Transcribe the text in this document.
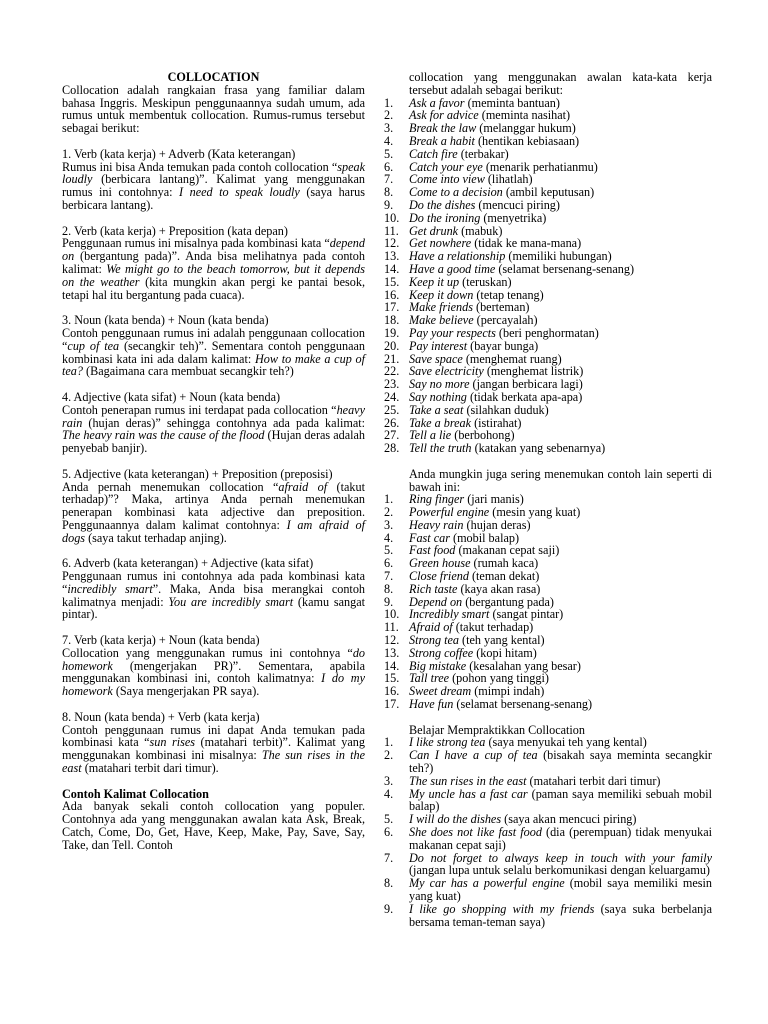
COLLOCATION

Collocation adalah rangkaian frasa yang familiar dalam bahasa Inggris. Meskipun penggunaannya sudah umum, ada rumus untuk membentuk collocation. Rumus-rumus tersebut sebagai berikut:

1. Verb (kata kerja) + Adverb (Kata keterangan)

Rumus ini bisa Anda temukan pada contoh collocation “speak loudly (berbicara lantang)”. Kalimat yang menggunakan rumus ini contohnya: I need to speak loudly (saya harus berbicara lantang).

2. Verb (kata kerja) + Preposition (kata depan)

Penggunaan rumus ini misalnya pada kombinasi kata “depend on (bergantung pada)”. Anda bisa melihatnya pada contoh kalimat: We might go to the beach tomorrow, but it depends on the weather (kita mungkin akan pergi ke pantai besok, tetapi hal itu bergantung pada cuaca).

3. Noun (kata benda) + Noun (kata benda)

Contoh penggunaan rumus ini adalah penggunaan collocation “cup of tea (secangkir teh)”. Sementara contoh penggunaan kombinasi kata ini ada dalam kalimat: How to make a cup of tea? (Bagaimana cara membuat secangkir teh?)

4. Adjective (kata sifat) + Noun (kata benda)

Contoh penerapan rumus ini terdapat pada collocation “heavy rain (hujan deras)” sehingga contohnya ada pada kalimat: The heavy rain was the cause of the flood (Hujan deras adalah penyebab banjir).

5. Adjective (kata keterangan) + Preposition (preposisi)

Anda pernah menemukan collocation “afraid of (takut terhadap)”? Maka, artinya Anda pernah menemukan penerapan kombinasi kata adjective dan preposition. Penggunaannya dalam kalimat contohnya: I am afraid of dogs (saya takut terhadap anjing).

6. Adverb (kata keterangan) + Adjective (kata sifat)

Penggunaan rumus ini contohnya ada pada kombinasi kata “incredibly smart”. Maka, Anda bisa merangkai contoh kalimatnya menjadi: You are incredibly smart (kamu sangat pintar).

7. Verb (kata kerja) + Noun (kata benda)

Collocation yang menggunakan rumus ini contohnya “do homework (mengerjakan PR)”. Sementara, apabila menggunakan kombinasi ini, contoh kalimatnya: I do my homework (Saya mengerjakan PR saya).

8. Noun (kata benda) + Verb (kata kerja)

Contoh penggunaan rumus ini dapat Anda temukan pada kombinasi kata “sun rises (matahari terbit)”. Kalimat yang menggunakan kombinasi ini misalnya: The sun rises in the east (matahari terbit dari timur).

Contoh Kalimat Collocation

Ada banyak sekali contoh collocation yang populer. Contohnya ada yang menggunakan awalan kata Ask, Break, Catch, Come, Do, Get, Have, Keep, Make, Pay, Save, Say, Take, dan Tell. Contoh

collocation yang menggunakan awalan kata-kata kerja tersebut adalah sebagai berikut:

1. Ask a favor (meminta bantuan)
2. Ask for advice (meminta nasihat)
3. Break the law (melanggar hukum)
4. Break a habit (hentikan kebiasaan)
5. Catch fire (terbakar)
6. Catch your eye (menarik perhatianmu)
7. Come into view (lihatlah)
8. Come to a decision (ambil keputusan)
9. Do the dishes (mencuci piring)
10. Do the ironing (menyetrika)
11. Get drunk (mabuk)
12. Get nowhere (tidak ke mana-mana)
13. Have a relationship (memiliki hubungan)
14. Have a good time (selamat bersenang-senang)
15. Keep it up (teruskan)
16. Keep it down (tetap tenang)
17. Make friends (berteman)
18. Make believe (percayalah)
19. Pay your respects (beri penghormatan)
20. Pay interest (bayar bunga)
21. Save space (menghemat ruang)
22. Save electricity (menghemat listrik)
23. Say no more (jangan berbicara lagi)
24. Say nothing (tidak berkata apa-apa)
25. Take a seat (silahkan duduk)
26. Take a break (istirahat)
27. Tell a lie (berbohong)
28. Tell the truth (katakan yang sebenarnya)

Anda mungkin juga sering menemukan contoh lain seperti di bawah ini:

1. Ring finger (jari manis)
2. Powerful engine (mesin yang kuat)
3. Heavy rain (hujan deras)
4. Fast car (mobil balap)
5. Fast food (makanan cepat saji)
6. Green house (rumah kaca)
7. Close friend (teman dekat)
8. Rich taste (kaya akan rasa)
9. Depend on (bergantung pada)
10. Incredibly smart (sangat pintar)
11. Afraid of (takut terhadap)
12. Strong tea (teh yang kental)
13. Strong coffee (kopi hitam)
14. Big mistake (kesalahan yang besar)
15. Tall tree (pohon yang tinggi)
16. Sweet dream (mimpi indah)
17. Have fun (selamat bersenang-senang)

Belajar Mempraktikkan Collocation

1. I like strong tea (saya menyukai teh yang kental)
2. Can I have a cup of tea (bisakah saya meminta secangkir teh?)
3. The sun rises in the east (matahari terbit dari timur)
4. My uncle has a fast car (paman saya memiliki sebuah mobil balap)
5. I will do the dishes (saya akan mencuci piring)
6. She does not like fast food (dia (perempuan) tidak menyukai makanan cepat saji)
7. Do not forget to always keep in touch with your family (jangan lupa untuk selalu berkomunikasi dengan keluargamu)
8. My car has a powerful engine (mobil saya memiliki mesin yang kuat)
9. I like go shopping with my friends (saya suka berbelanja bersama teman-teman saya)
